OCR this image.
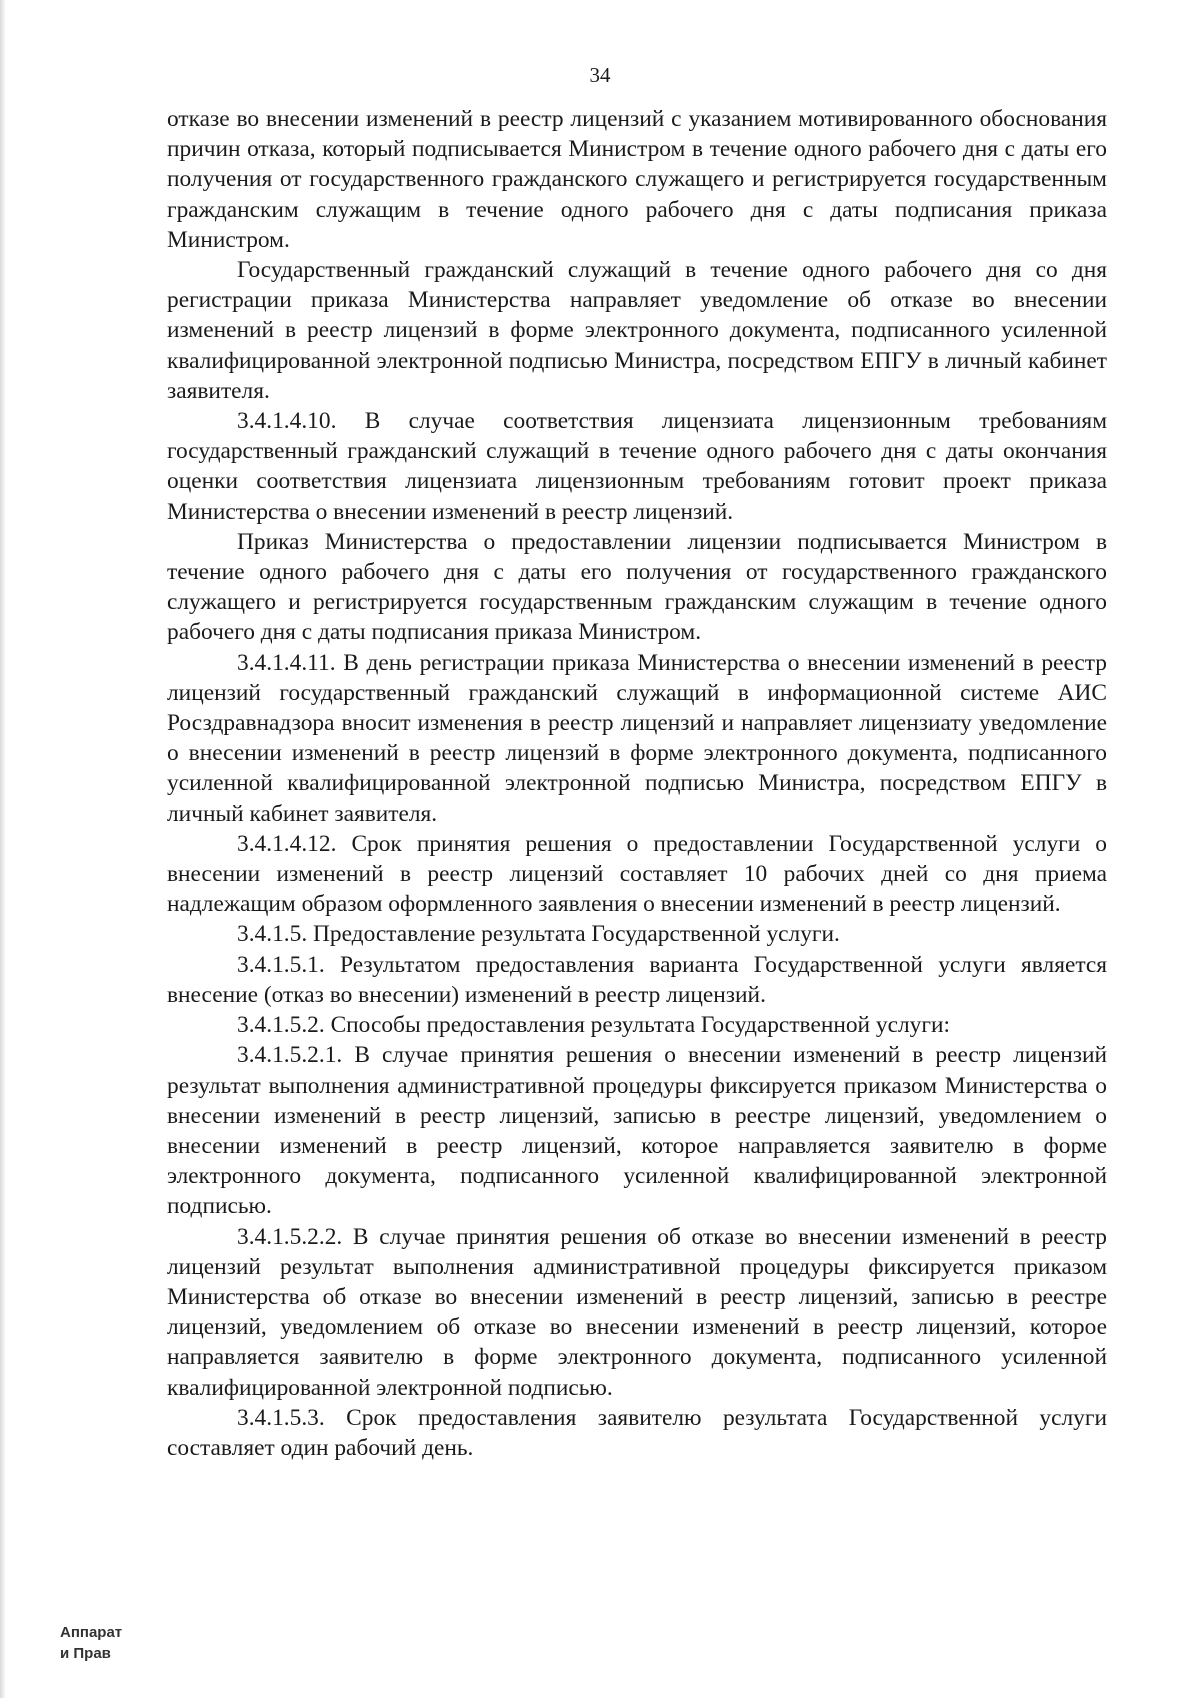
34

отказе во внесении изменений в реестр лицензий с указанием мотивированного обоснования причин отказа, который подписывается Министром в течение одного рабочего дня с даты его получения от государственного гражданского служащего и регистрируется государственным гражданским служащим в течение одного рабочего дня с даты подписания приказа Министром.

Государственный гражданский служащий в течение одного рабочего дня со дня регистрации приказа Министерства направляет уведомление об отказе во внесении изменений в реестр лицензий в форме электронного документа, подписанного усиленной квалифицированной электронной подписью Министра, посредством ЕПГУ в личный кабинет заявителя.

3.4.1.4.10. В случае соответствия лицензиата лицензионным требованиям государственный гражданский служащий в течение одного рабочего дня с даты окончания оценки соответствия лицензиата лицензионным требованиям готовит проект приказа Министерства о внесении изменений в реестр лицензий.

Приказ Министерства о предоставлении лицензии подписывается Министром в течение одного рабочего дня с даты его получения от государственного гражданского служащего и регистрируется государственным гражданским служащим в течение одного рабочего дня с даты подписания приказа Министром.

3.4.1.4.11. В день регистрации приказа Министерства о внесении изменений в реестр лицензий государственный гражданский служащий в информационной системе АИС Росздравнадзора вносит изменения в реестр лицензий и направляет лицензиату уведомление о внесении изменений в реестр лицензий в форме электронного документа, подписанного усиленной квалифицированной электронной подписью Министра, посредством ЕПГУ в личный кабинет заявителя.

3.4.1.4.12. Срок принятия решения о предоставлении Государственной услуги о внесении изменений в реестр лицензий составляет 10 рабочих дней со дня приема надлежащим образом оформленного заявления о внесении изменений в реестр лицензий.

3.4.1.5. Предоставление результата Государственной услуги.

3.4.1.5.1. Результатом предоставления варианта Государственной услуги является внесение (отказ во внесении) изменений в реестр лицензий.

3.4.1.5.2. Способы предоставления результата Государственной услуги:

3.4.1.5.2.1. В случае принятия решения о внесении изменений в реестр лицензий результат выполнения административной процедуры фиксируется приказом Министерства о внесении изменений в реестр лицензий, записью в реестре лицензий, уведомлением о внесении изменений в реестр лицензий, которое направляется заявителю в форме электронного документа, подписанного усиленной квалифицированной электронной подписью.

3.4.1.5.2.2. В случае принятия решения об отказе во внесении изменений в реестр лицензий результат выполнения административной процедуры фиксируется приказом Министерства об отказе во внесении изменений в реестр лицензий, записью в реестре лицензий, уведомлением об отказе во внесении изменений в реестр лицензий, которое направляется заявителю в форме электронного документа, подписанного усиленной квалифицированной электронной подписью.

3.4.1.5.3. Срок предоставления заявителю результата Государственной услуги составляет один рабочий день.

Аппарат
и Прав
